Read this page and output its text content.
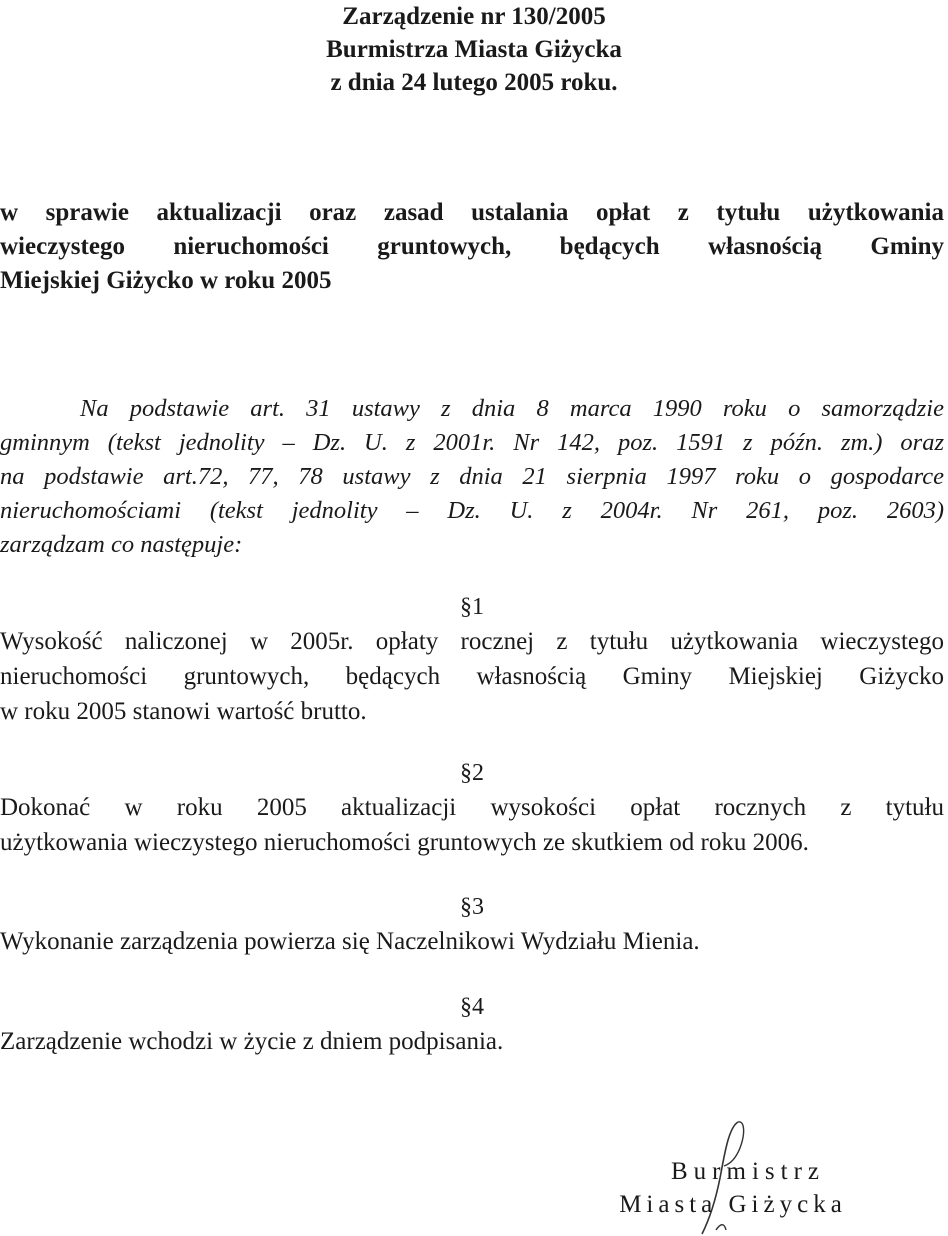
Zarządzenie nr 130/2005
Burmistrza Miasta Giżycka
z dnia 24 lutego 2005 roku.
w sprawie aktualizacji oraz zasad ustalania opłat z tytułu użytkowania
wieczystego nieruchomości gruntowych, będących własnością Gminy
Miejskiej Giżycko w roku 2005
Na podstawie art. 31 ustawy z dnia 8 marca 1990 roku o samorządzie
gminnym (tekst jednolity – Dz. U. z 2001r. Nr 142, poz. 1591 z późn. zm.) oraz
na podstawie art.72, 77, 78 ustawy z dnia 21 sierpnia 1997 roku o gospodarce
nieruchomościami (tekst jednolity – Dz. U. z 2004r. Nr 261, poz. 2603)
zarządzam co następuje:
§1
Wysokość naliczonej w 2005r. opłaty rocznej z tytułu użytkowania wieczystego
nieruchomości gruntowych, będących własnością Gminy Miejskiej Giżycko
w roku 2005 stanowi wartość brutto.
§2
Dokonać w roku 2005 aktualizacji wysokości opłat rocznych z tytułu
użytkowania wieczystego nieruchomości gruntowych ze skutkiem od roku 2006.
§3
Wykonanie zarządzenia powierza się Naczelnikowi Wydziału Mienia.
§4
Zarządzenie wchodzi w życie z dniem podpisania.
Burmistrz
Miasta Giżycka
